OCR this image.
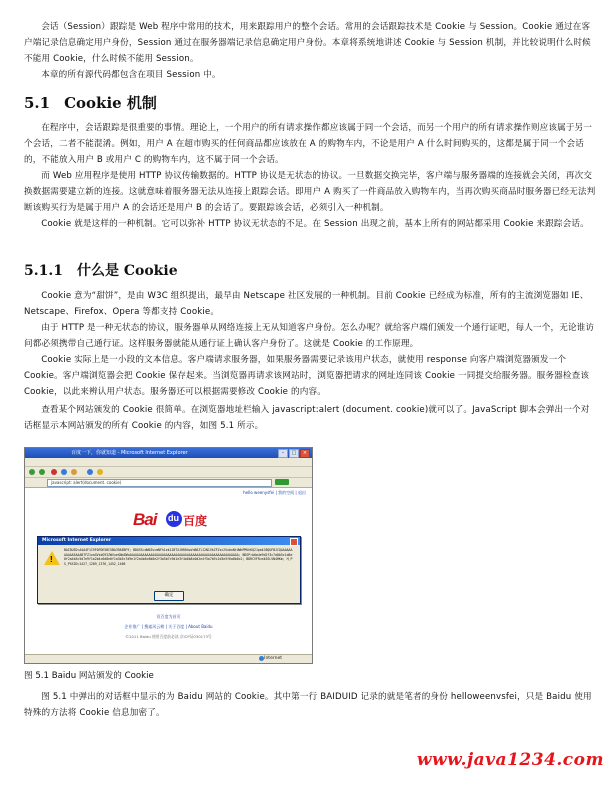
会话（Session）跟踪是 Web 程序中常用的技术，用来跟踪用户的整个会话。常用的会话跟踪技术是 Cookie 与 Session。Cookie 通过在客户端记录信息确定用户身份，Session 通过在服务器端记录信息确定用户身份。本章将系统地讲述 Cookie 与 Session 机制，并比较说明什么时候不能用 Cookie，什么时候不能用 Session。

本章的所有源代码都包含在项目 Session 中。

5.1 Cookie 机制

在程序中，会话跟踪是很重要的事情。理论上，一个用户的所有请求操作都应该属于同一个会话，而另一个用户的所有请求操作则应该属于另一个会话，二者不能混淆。例如，用户 A 在超市购买的任何商品都应该放在 A 的购物车内，不论是用户 A 什么时间购买的，这都是属于同一个会话的，不能放入用户 B 或用户 C 的购物车内，这不属于同一个会话。

而 Web 应用程序是使用 HTTP 协议传输数据的。HTTP 协议是无状态的协议。一旦数据交换完毕，客户端与服务器端的连接就会关闭，再次交换数据需要建立新的连接。这就意味着服务器无法从连接上跟踪会话。即用户 A 购买了一件商品放入购物车内，当再次购买商品时服务器已经无法判断该购买行为是属于用户 A 的会话还是用户 B 的会话了。要跟踪该会话，必须引入一种机制。

Cookie 就是这样的一种机制。它可以弥补 HTTP 协议无状态的不足。在 Session 出现之前，基本上所有的网站都采用 Cookie 来跟踪会话。

5.1.1 什么是 Cookie

Cookie 意为“甜饼”，是由 W3C 组织提出，最早由 Netscape 社区发展的一种机制。目前 Cookie 已经成为标准，所有的主流浏览器如 IE、Netscape、Firefox、Opera 等都支持 Cookie。

由于 HTTP 是一种无状态的协议，服务器单从网络连接上无从知道客户身份。怎么办呢？就给客户端们颁发一个通行证吧，每人一个，无论谁访问都必须携带自己通行证。这样服务器就能从通行证上确认客户身份了。这就是 Cookie 的工作原理。

Cookie 实际上是一小段的文本信息。客户端请求服务器，如果服务器需要记录该用户状态，就使用 response 向客户端浏览器颁发一个 Cookie。客户端浏览器会把 Cookie 保存起来。当浏览器再请求该网站时，浏览器把请求的网址连同该 Cookie 一同提交给服务器。服务器检查该 Cookie，以此来辨认用户状态。服务器还可以根据需要修改 Cookie 的内容。

查看某个网站颁发的 Cookie 很简单。在浏览器地址栏输入 javascript:alert (document. cookie)就可以了。JavaScript 脚本会弹出一个对话框显示本网站颁发的所有 Cookie 的内容，如图 5.1 所示。

百度一下，你就知道 - Microsoft Internet Explorer	–	□	×
javascript: alert(document. cookie)
hello weenysfei | 我的空间 | 退出
Bai du 百度
Microsoft Internet Explorer
!
BAIDUID=A4A4F1C9F0FDE5BC5BA39AEBF9; BDUSS=dW0ZvcmNFh1ek1Z0TXJHR0hwVnB6ZlJ2N1VkZFZsc2VxbnNtUWhPMVhKQ2JpaklBQUFBJCQAAAAAAAAAAAEAAAB7FZ1xaGVsbG93ZWVueXNmZWkAAAAAAAAAAAAAAAAAAAAAAAAAAAAAAAAAAAAAAAAAAAAAAAAAAAAAAAAA; BDSP=b0a4e9d2f3c7a8b5c1d6e0f2a4b3c5d7e9f1a2b4c6d8e0f1a3b5c7d9e1f2a4b6c8d0e2f3a5b7c9d1e3f4a6b8c0d2e4f5a7b9c1d3e5f6a8b0c2; BDRCVFR=mk3SLVN4HKm; H_PS_PSSID=1427_1289_1376_1452_1466
确定
设百度为首页
企业推广 | 搜索风云榜 | 关于百度 | About Baidu
©2011 Baidu 使用百度前必读 京ICP证030173号
Internet
图 5.1 Baidu 网站颁发的 Cookie

图 5.1 中弹出的对话框中显示的为 Baidu 网站的 Cookie。其中第一行 BAIDUID 记录的就是笔者的身份 helloweenvsfei，只是 Baidu 使用特殊的方法将 Cookie 信息加密了。

www.java1234.com
